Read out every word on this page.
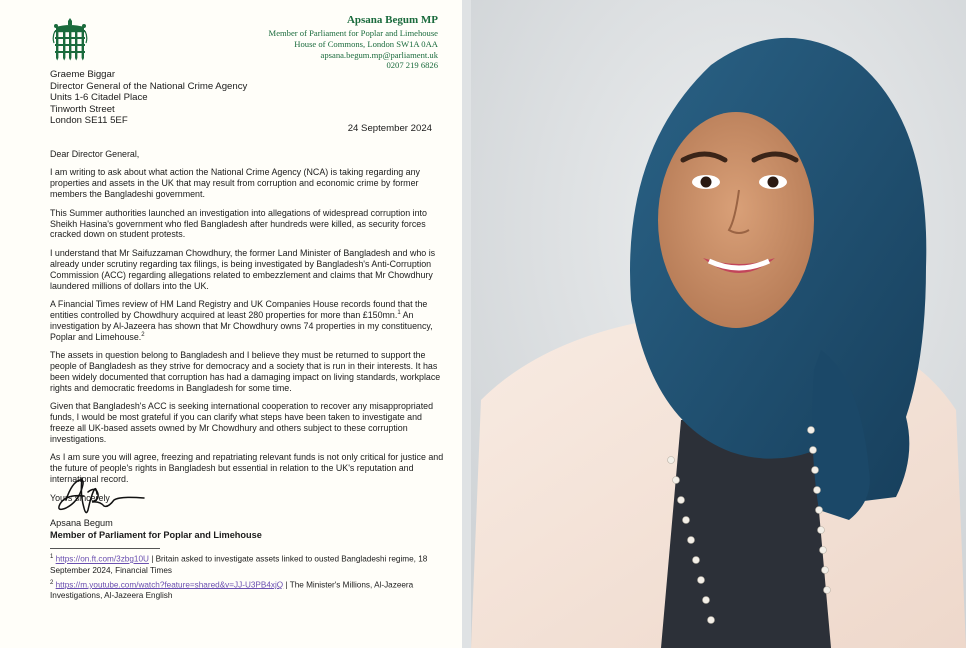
Apsana Begum MP
Member of Parliament for Poplar and Limehouse
House of Commons, London SW1A 0AA
apsana.begum.mp@parliament.uk
0207 219 6826
Graeme Biggar
Director General of the National Crime Agency
Units 1-6 Citadel Place
Tinworth Street
London SE11 5EF
24 September 2024

Dear Director General,

I am writing to ask about what action the National Crime Agency (NCA) is taking regarding any properties and assets in the UK that may result from corruption and economic crime by former members the Bangladeshi government.

This Summer authorities launched an investigation into allegations of widespread corruption into Sheikh Hasina's government who fled Bangladesh after hundreds were killed, as security forces cracked down on student protests.

I understand that Mr Saifuzzaman Chowdhury, the former Land Minister of Bangladesh and who is already under scrutiny regarding tax filings, is being investigated by Bangladesh's Anti-Corruption Commission (ACC) regarding allegations related to embezzlement and claims that Mr Chowdhury laundered millions of dollars into the UK.

A Financial Times review of HM Land Registry and UK Companies House records found that the entities controlled by Chowdhury acquired at least 280 properties for more than £150mn.$^1$ An investigation by Al-Jazeera has shown that Mr Chowdhury owns 74 properties in my constituency, Poplar and Limehouse.$^2$

The assets in question belong to Bangladesh and I believe they must be returned to support the people of Bangladesh as they strive for democracy and a society that is run in their interests. It has been widely documented that corruption has had a damaging impact on living standards, workplace rights and democratic freedoms in Bangladesh for some time.

Given that Bangladesh's ACC is seeking international cooperation to recover any misappropriated funds, I would be most grateful if you can clarify what steps have been taken to investigate and freeze all UK-based assets owned by Mr Chowdhury and others subject to these corruption investigations.

As I am sure you will agree, freezing and repatriating relevant funds is not only critical for justice and the future of people's rights in Bangladesh but essential in relation to the UK's reputation and international record.

Yours sincerely

Apsana Begum
Member of Parliament for Poplar and Limehouse
$^1$ https://on.ft.com/3zbg10U | Britain asked to investigate assets linked to ousted Bangladeshi regime, 18 September 2024, Financial Times
$^2$ https://m.youtube.com/watch?feature=shared&v=JJ-U3PB4xjQ | The Minister's Millions, Al-Jazeera Investigations, Al-Jazeera English
